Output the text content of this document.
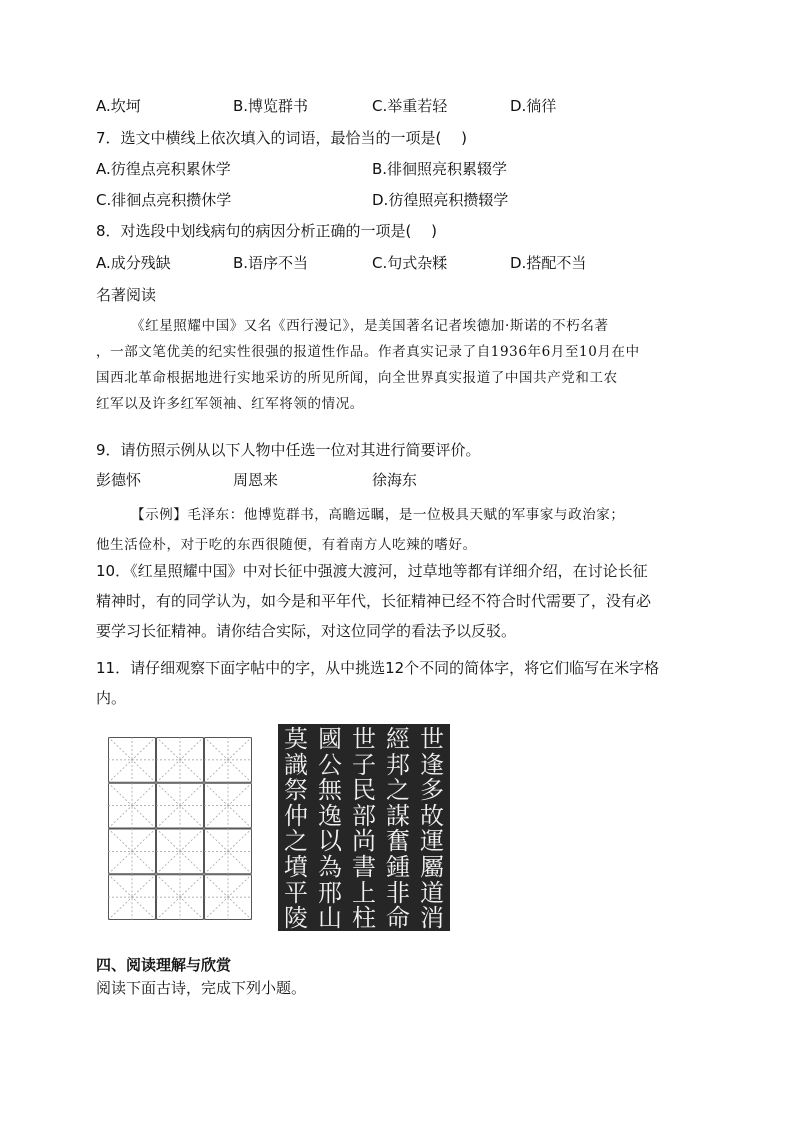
A.坎坷	B.博览群书	C.举重若轻	D.徜徉
7．选文中横线上依次填入的词语，最恰当的一项是(　 )
A.彷徨点亮积累休学	B.徘徊照亮积累辍学
C.徘徊点亮积攒休学	D.彷徨照亮积攒辍学
8．对选段中划线病句的病因分析正确的一项是(　 )
A.成分残缺	B.语序不当	C.句式杂糅	D.搭配不当
名著阅读

《红星照耀中国》又名《西行漫记》，是美国著名记者埃德加·斯诺的不朽名著

，一部文笔优美的纪实性很强的报道性作品。作者真实记录了自1936年6月至10月在中

国西北革命根据地进行实地采访的所见所闻，向全世界真实报道了中国共产党和工农

红军以及许多红军领袖、红军将领的情况。

9．请仿照示例从以下人物中任选一位对其进行简要评价。
彭德怀	周恩来	徐海东

【示例】毛泽东：他博览群书，高瞻远瞩，是一位极具天赋的军事家与政治家；

他生活俭朴，对于吃的东西很随便，有着南方人吃辣的嗜好。

10．《红星照耀中国》中对长征中强渡大渡河，过草地等都有详细介绍，在讨论长征

精神时，有的同学认为，如今是和平年代，长征精神已经不符合时代需要了，没有必

要学习长征精神。请你结合实际，对这位同学的看法予以反驳。

11．请仔细观察下面字帖中的字，从中挑选12个不同的简体字，将它们临写在米字格

内。

世
逢
多
故
運
屬
道
消
經
邦
之
謀
奮
鍾
非
命
世
子
民
部
尚
書
上
柱
國
公
無
逸
以
為
邢
山
莫
識
祭
仲
之
墳
平
陵
四、阅读理解与欣赏
阅读下面古诗，完成下列小题。
